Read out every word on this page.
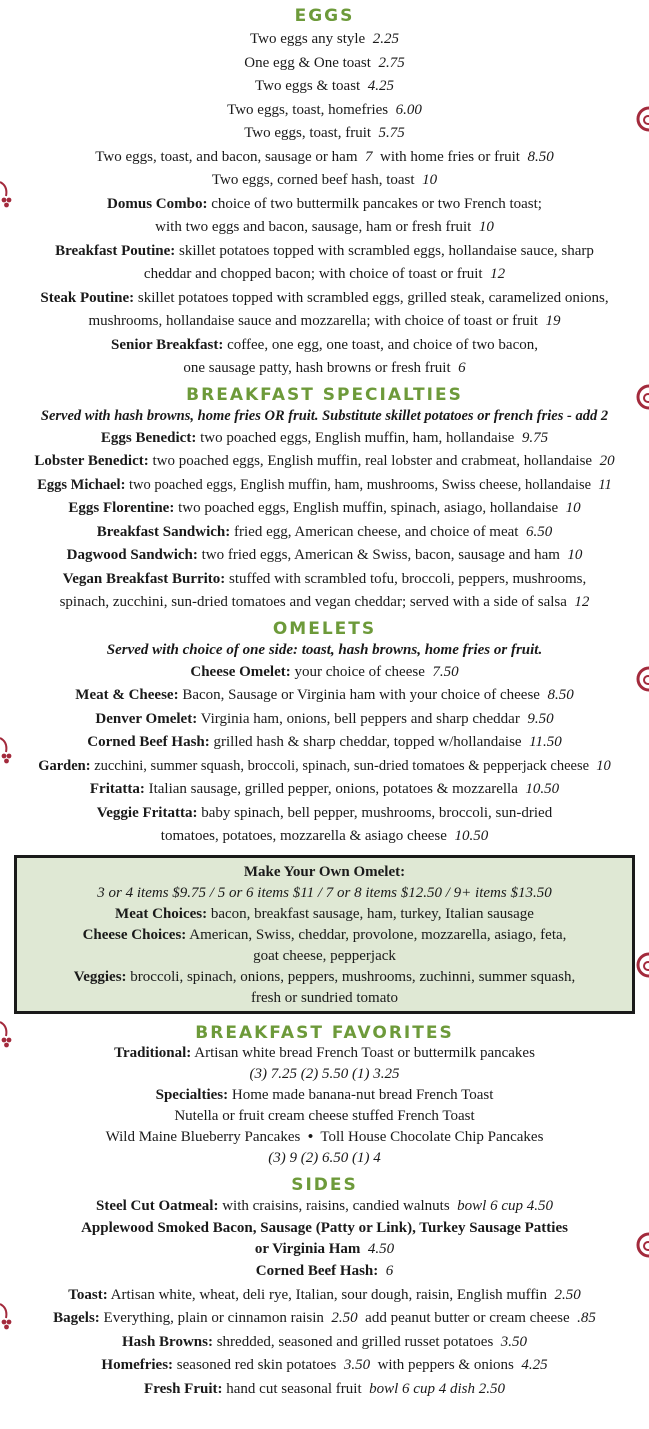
EGGS
Two eggs any style 2.25
One egg & One toast 2.75
Two eggs & toast 4.25
Two eggs, toast, homefries 6.00
Two eggs, toast, fruit 5.75
Two eggs, toast, and bacon, sausage or ham 7 with home fries or fruit 8.50
Two eggs, corned beef hash, toast 10
Domus Combo: choice of two buttermilk pancakes or two French toast;
with two eggs and bacon, sausage, ham or fresh fruit 10
Breakfast Poutine: skillet potatoes topped with scrambled eggs, hollandaise sauce, sharp
cheddar and chopped bacon; with choice of toast or fruit 12
Steak Poutine: skillet potatoes topped with scrambled eggs, grilled steak, caramelized onions,
mushrooms, hollandaise sauce and mozzarella; with choice of toast or fruit 19
Senior Breakfast: coffee, one egg, one toast, and choice of two bacon,
one sausage patty, hash browns or fresh fruit 6
BREAKFAST SPECIALTIES
Served with hash browns, home fries OR fruit. Substitute skillet potatoes or french fries - add 2
Eggs Benedict: two poached eggs, English muffin, ham, hollandaise 9.75
Lobster Benedict: two poached eggs, English muffin, real lobster and crabmeat, hollandaise 20
Eggs Michael: two poached eggs, English muffin, ham, mushrooms, Swiss cheese, hollandaise 11
Eggs Florentine: two poached eggs, English muffin, spinach, asiago, hollandaise 10
Breakfast Sandwich: fried egg, American cheese, and choice of meat 6.50
Dagwood Sandwich: two fried eggs, American & Swiss, bacon, sausage and ham 10
Vegan Breakfast Burrito: stuffed with scrambled tofu, broccoli, peppers, mushrooms,
spinach, zucchini, sun-dried tomatoes and vegan cheddar; served with a side of salsa 12
OMELETS
Served with choice of one side: toast, hash browns, home fries or fruit.
Cheese Omelet: your choice of cheese 7.50
Meat & Cheese: Bacon, Sausage or Virginia ham with your choice of cheese 8.50
Denver Omelet: Virginia ham, onions, bell peppers and sharp cheddar 9.50
Corned Beef Hash: grilled hash & sharp cheddar, topped w/hollandaise 11.50
Garden: zucchini, summer squash, broccoli, spinach, sun-dried tomatoes & pepperjack cheese 10
Fritatta: Italian sausage, grilled pepper, onions, potatoes & mozzarella 10.50
Veggie Fritatta: baby spinach, bell pepper, mushrooms, broccoli, sun-dried
tomatoes, potatoes, mozzarella & asiago cheese 10.50
Make Your Own Omelet:
3 or 4 items $9.75 / 5 or 6 items $11 / 7 or 8 items $12.50 / 9+ items $13.50
Meat Choices: bacon, breakfast sausage, ham, turkey, Italian sausage
Cheese Choices: American, Swiss, cheddar, provolone, mozzarella, asiago, feta,
goat cheese, pepperjack
Veggies: broccoli, spinach, onions, peppers, mushrooms, zuchinni, summer squash,
fresh or sundried tomato
BREAKFAST FAVORITES
Traditional: Artisan white bread French Toast or buttermilk pancakes
(3) 7.25 (2) 5.50 (1) 3.25
Specialties: Home made banana-nut bread French Toast
Nutella or fruit cream cheese stuffed French Toast
Wild Maine Blueberry Pancakes • Toll House Chocolate Chip Pancakes
(3) 9 (2) 6.50 (1) 4
SIDES
Steel Cut Oatmeal: with craisins, raisins, candied walnuts bowl 6 cup 4.50
Applewood Smoked Bacon, Sausage (Patty or Link), Turkey Sausage Patties
or Virginia Ham 4.50
Corned Beef Hash: 6
Toast: Artisan white, wheat, deli rye, Italian, sour dough, raisin, English muffin 2.50
Bagels: Everything, plain or cinnamon raisin 2.50 add peanut butter or cream cheese .85
Hash Browns: shredded, seasoned and grilled russet potatoes 3.50
Homefries: seasoned red skin potatoes 3.50 with peppers & onions 4.25
Fresh Fruit: hand cut seasonal fruit bowl 6 cup 4 dish 2.50
